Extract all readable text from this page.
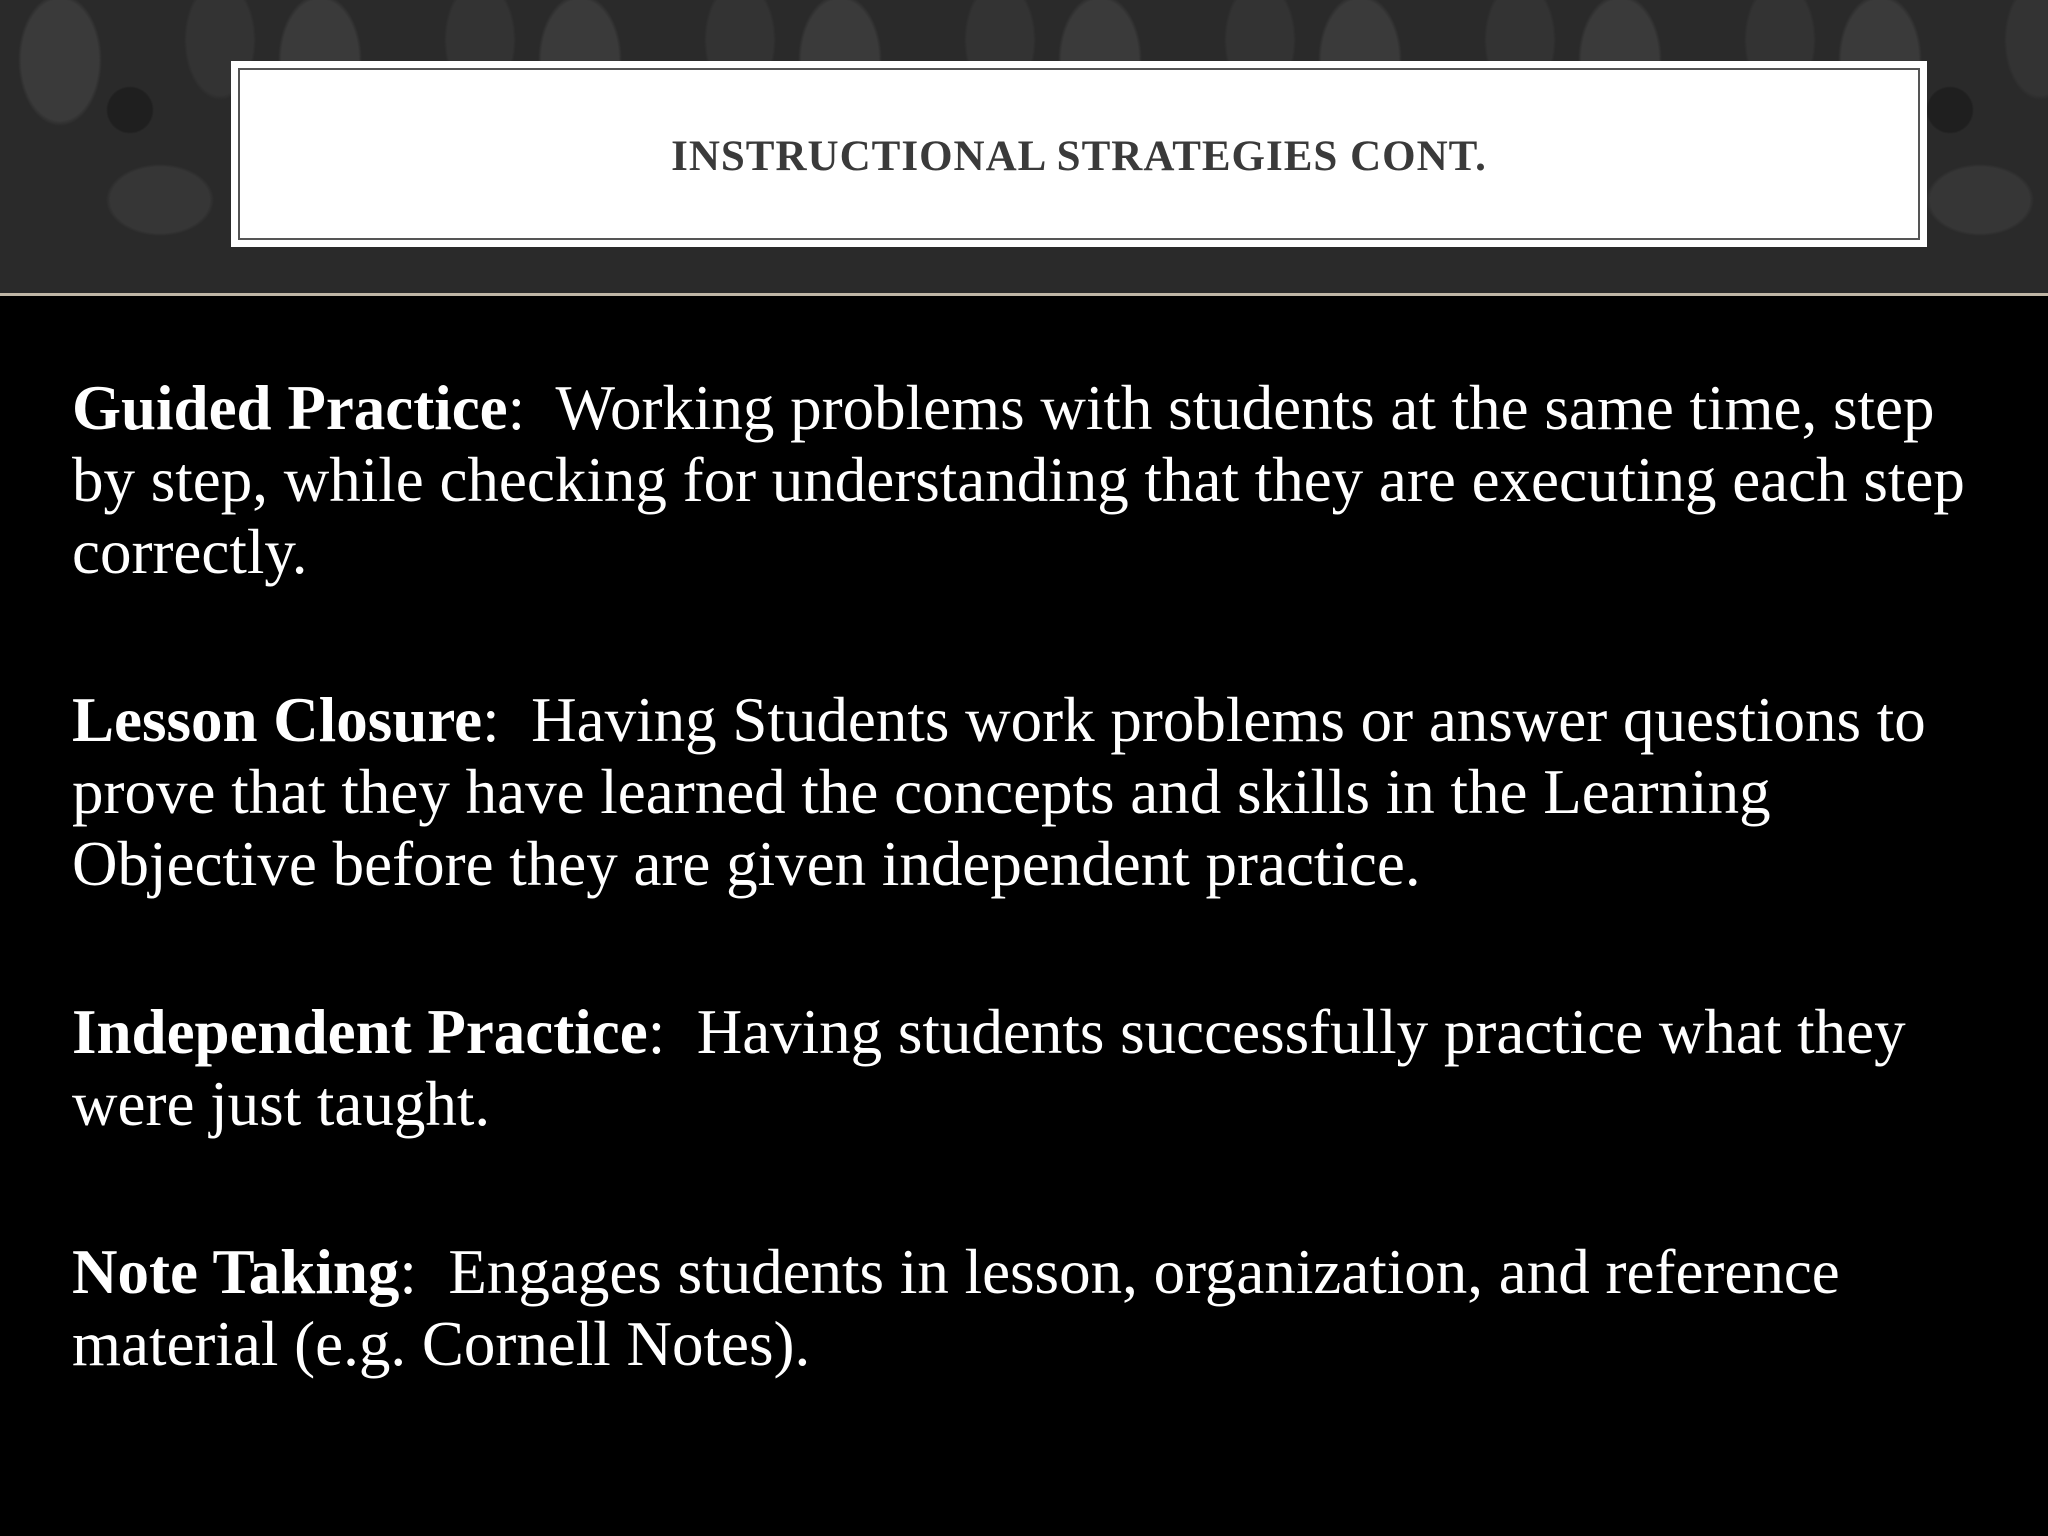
INSTRUCTIONAL STRATEGIES CONT.

Guided Practice:  Working problems with students at the same time, step by step, while checking for understanding that they are executing each step correctly.

Lesson Closure:  Having Students work problems or answer questions to prove that they have learned the concepts and skills in the Learning Objective before they are given independent practice.

Independent Practice:  Having students successfully practice what they were just taught.

Note Taking:  Engages students in lesson, organization, and reference material (e.g. Cornell Notes).
